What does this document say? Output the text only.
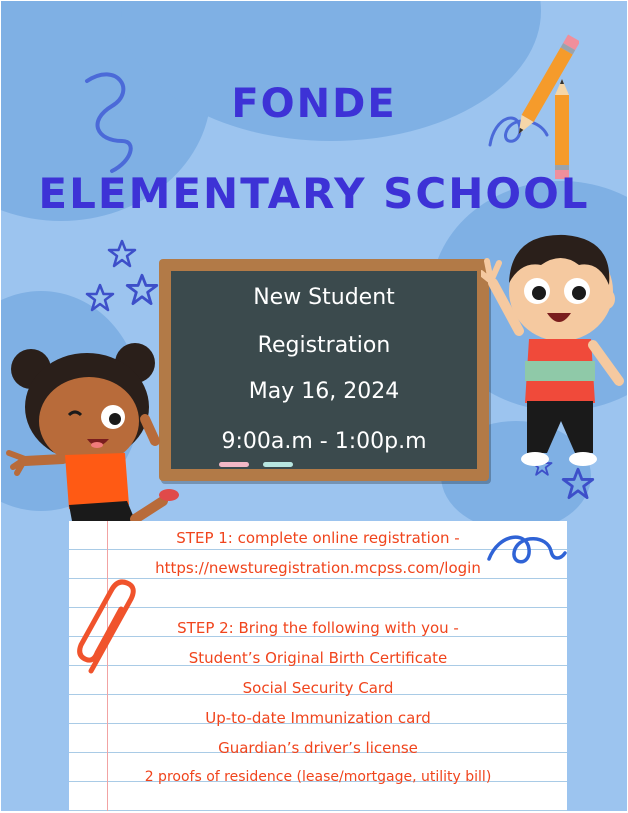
FONDE
ELEMENTARY SCHOOL
New Student
Registration
May 16, 2024
9:00a.m - 1:00p.m
STEP 1: complete online registration -
https://newsturegistration.mcpss.com/login
STEP 2: Bring the following with you -
Student’s Original Birth Certificate
Social Security Card
Up-to-date Immunization card
Guardian’s driver’s license
2 proofs of residence (lease/mortgage, utility bill)
